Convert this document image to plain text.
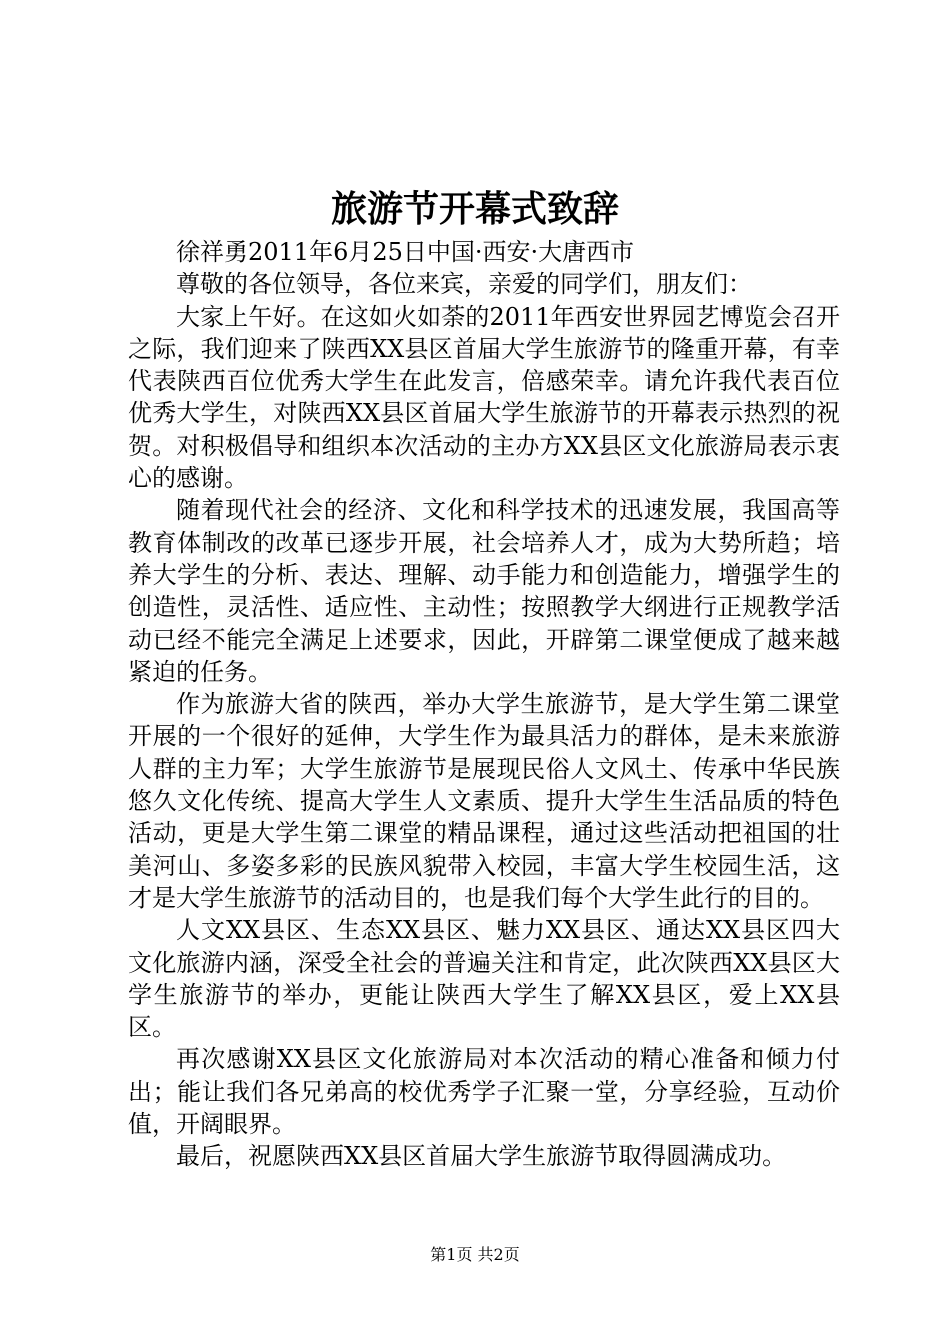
旅游节开幕式致辞

徐祥勇2011年6月25日中国·西安·大唐西市

尊敬的各位领导，各位来宾，亲爱的同学们，朋友们：

大家上午好。在这如火如荼的2011年西安世界园艺博览会召开之际，我们迎来了陕西XX县区首届大学生旅游节的隆重开幕，有幸代表陕西百位优秀大学生在此发言，倍感荣幸。请允许我代表百位优秀大学生，对陕西XX县区首届大学生旅游节的开幕表示热烈的祝贺。对积极倡导和组织本次活动的主办方XX县区文化旅游局表示衷心的感谢。

随着现代社会的经济、文化和科学技术的迅速发展，我国高等教育体制改的改革已逐步开展，社会培养人才，成为大势所趋；培养大学生的分析、表达、理解、动手能力和创造能力，增强学生的创造性，灵活性、适应性、主动性；按照教学大纲进行正规教学活动已经不能完全满足上述要求，因此，开辟第二课堂便成了越来越紧迫的任务。

作为旅游大省的陕西，举办大学生旅游节，是大学生第二课堂开展的一个很好的延伸，大学生作为最具活力的群体，是未来旅游人群的主力军；大学生旅游节是展现民俗人文风土、传承中华民族悠久文化传统、提高大学生人文素质、提升大学生生活品质的特色活动，更是大学生第二课堂的精品课程，通过这些活动把祖国的壮美河山、多姿多彩的民族风貌带入校园，丰富大学生校园生活，这才是大学生旅游节的活动目的，也是我们每个大学生此行的目的。

人文XX县区、生态XX县区、魅力XX县区、通达XX县区四大文化旅游内涵，深受全社会的普遍关注和肯定，此次陕西XX县区大学生旅游节的举办，更能让陕西大学生了解XX县区，爱上XX县区。

再次感谢XX县区文化旅游局对本次活动的精心准备和倾力付出；能让我们各兄弟高的校优秀学子汇聚一堂，分享经验，互动价值，开阔眼界。

最后，祝愿陕西XX县区首届大学生旅游节取得圆满成功。

第1页 共2页
